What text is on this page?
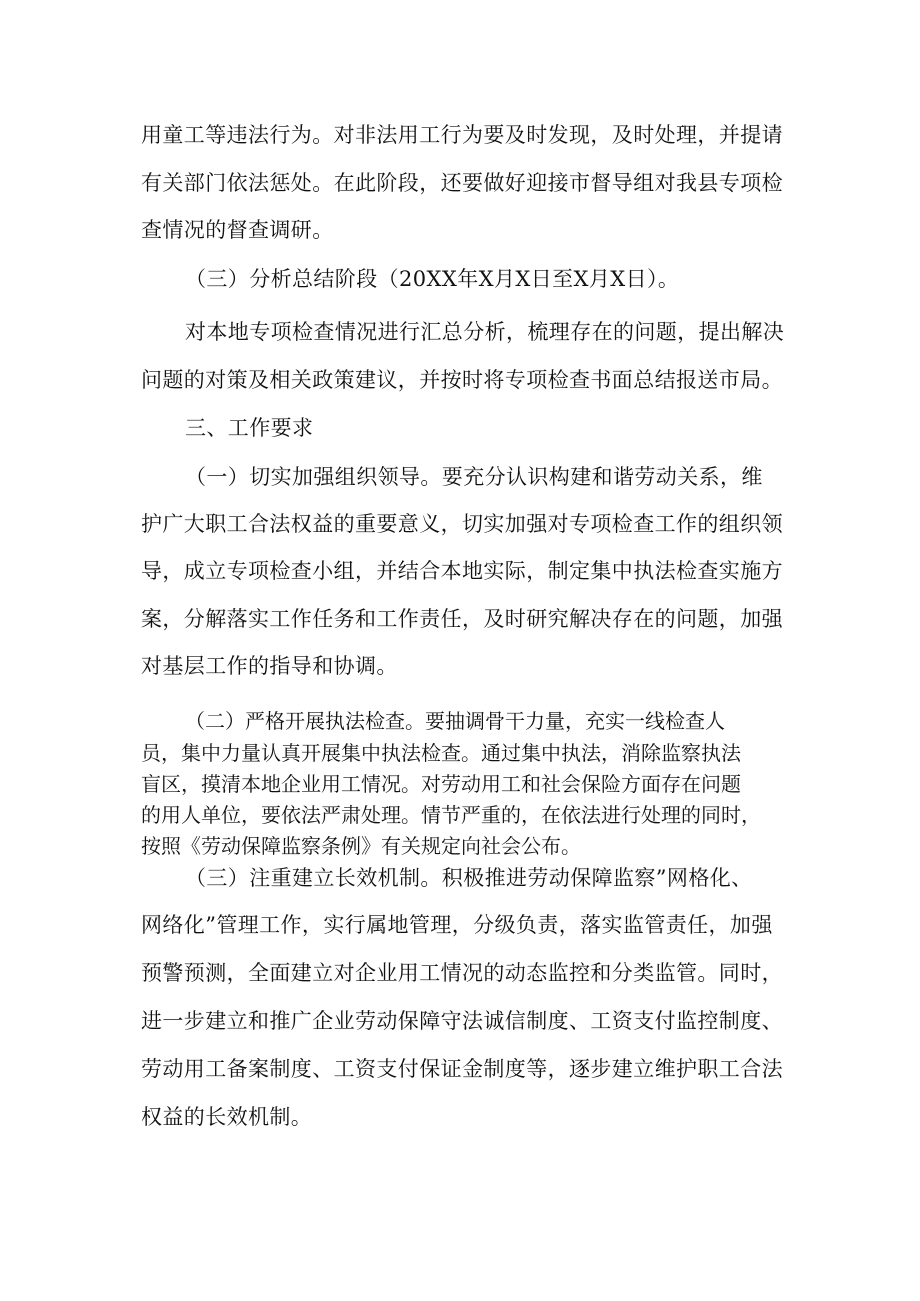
用童工等违法行为。对非法用工行为要及时发现，及时处理，并提请
有关部门依法惩处。在此阶段，还要做好迎接市督导组对我县专项检
查情况的督查调研。
（三）分析总结阶段（20XX年X月X日至X月X日）。
对本地专项检查情况进行汇总分析，梳理存在的问题，提出解决
问题的对策及相关政策建议，并按时将专项检查书面总结报送市局。
三、工作要求
（一）切实加强组织领导。要充分认识构建和谐劳动关系，维
护广大职工合法权益的重要意义，切实加强对专项检查工作的组织领
导，成立专项检查小组，并结合本地实际，制定集中执法检查实施方
案，分解落实工作任务和工作责任，及时研究解决存在的问题，加强
对基层工作的指导和协调。
（二）严格开展执法检查。要抽调骨干力量，充实一线检查人
员，集中力量认真开展集中执法检查。通过集中执法，消除监察执法
盲区，摸清本地企业用工情况。对劳动用工和社会保险方面存在问题
的用人单位，要依法严肃处理。情节严重的，在依法进行处理的同时，
按照《劳动保障监察条例》有关规定向社会公布。
（三）注重建立长效机制。积极推进劳动保障监察”网格化、
网络化”管理工作，实行属地管理，分级负责，落实监管责任，加强
预警预测，全面建立对企业用工情况的动态监控和分类监管。同时，
进一步建立和推广企业劳动保障守法诚信制度、工资支付监控制度、
劳动用工备案制度、工资支付保证金制度等，逐步建立维护职工合法
权益的长效机制。
